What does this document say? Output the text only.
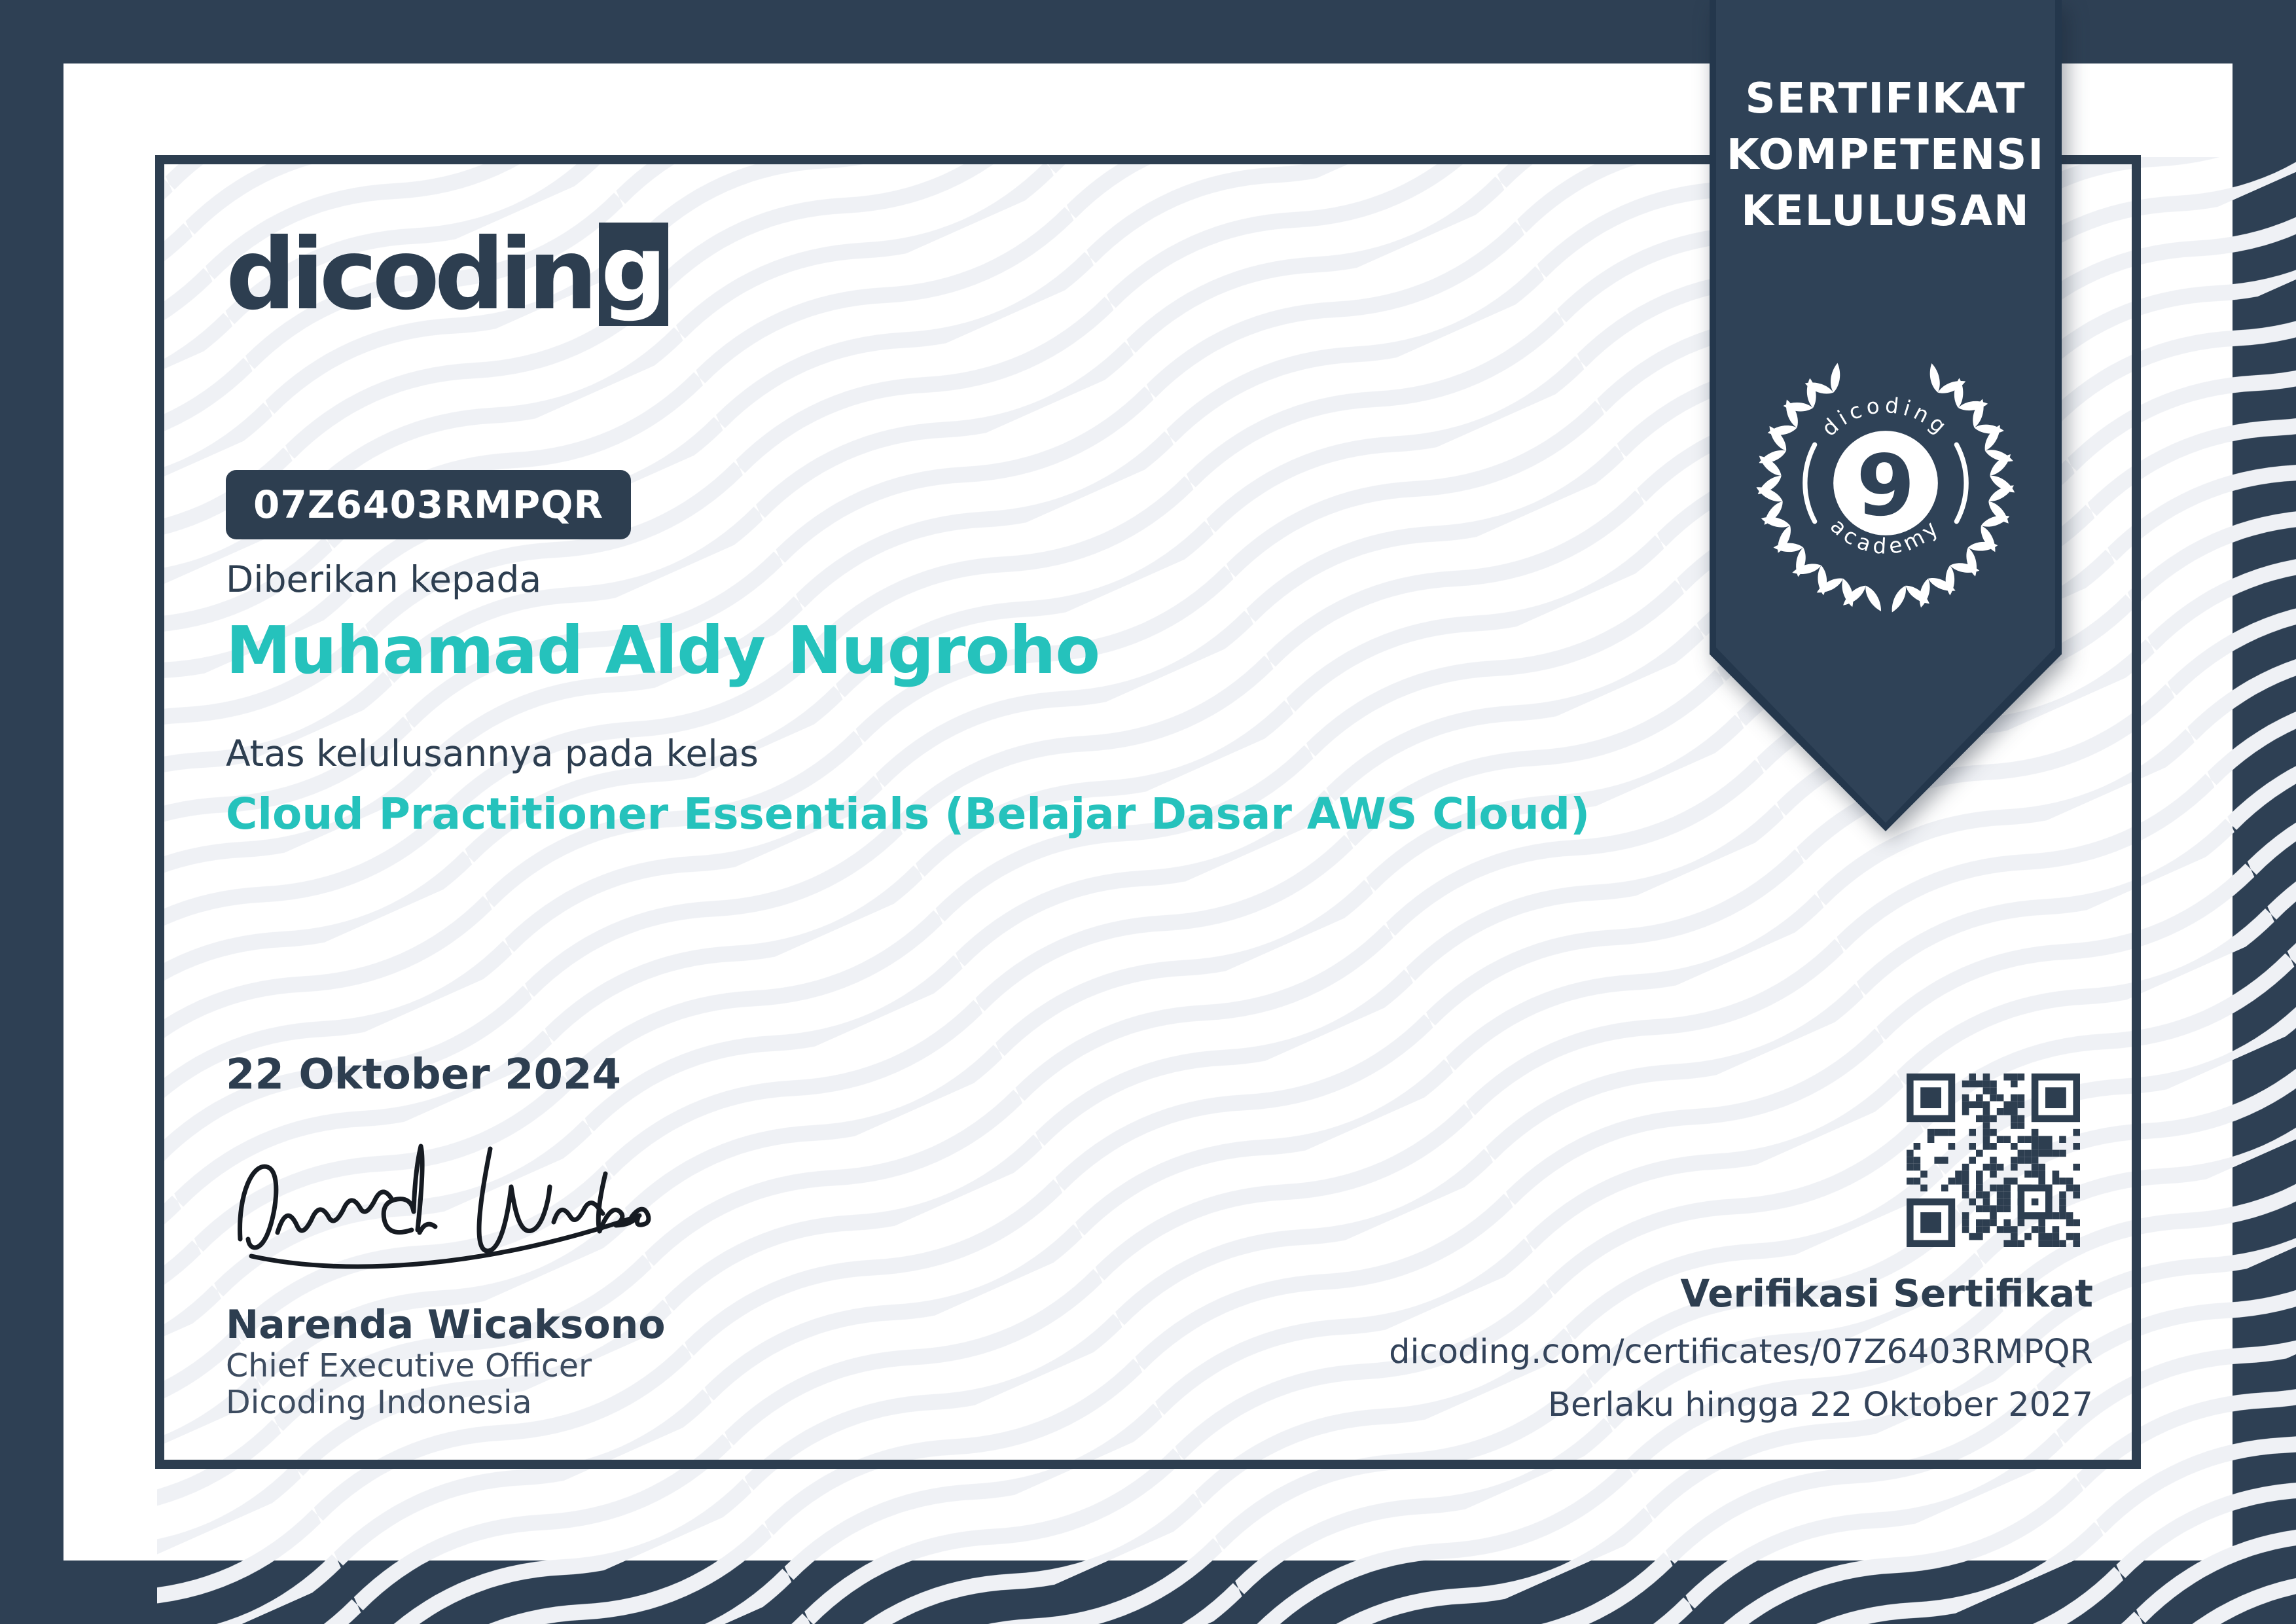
dicodin g
07Z6403RMPQR
Diberikan kepada
Muhamad Aldy Nugroho
Atas kelulusannya pada kelas
Cloud Practitioner Essentials (Belajar Dasar AWS Cloud)
22 Oktober 2024
Narenda Wicaksono
Chief Executive Officer
Dicoding Indonesia
Verifikasi Sertifikat
dicoding.com/certificates/07Z6403RMPQR
Berlaku hingga 22 Oktober 2027
SERTIFIKAT
KOMPETENSI
KELULUSAN
9
dicoding
academy
